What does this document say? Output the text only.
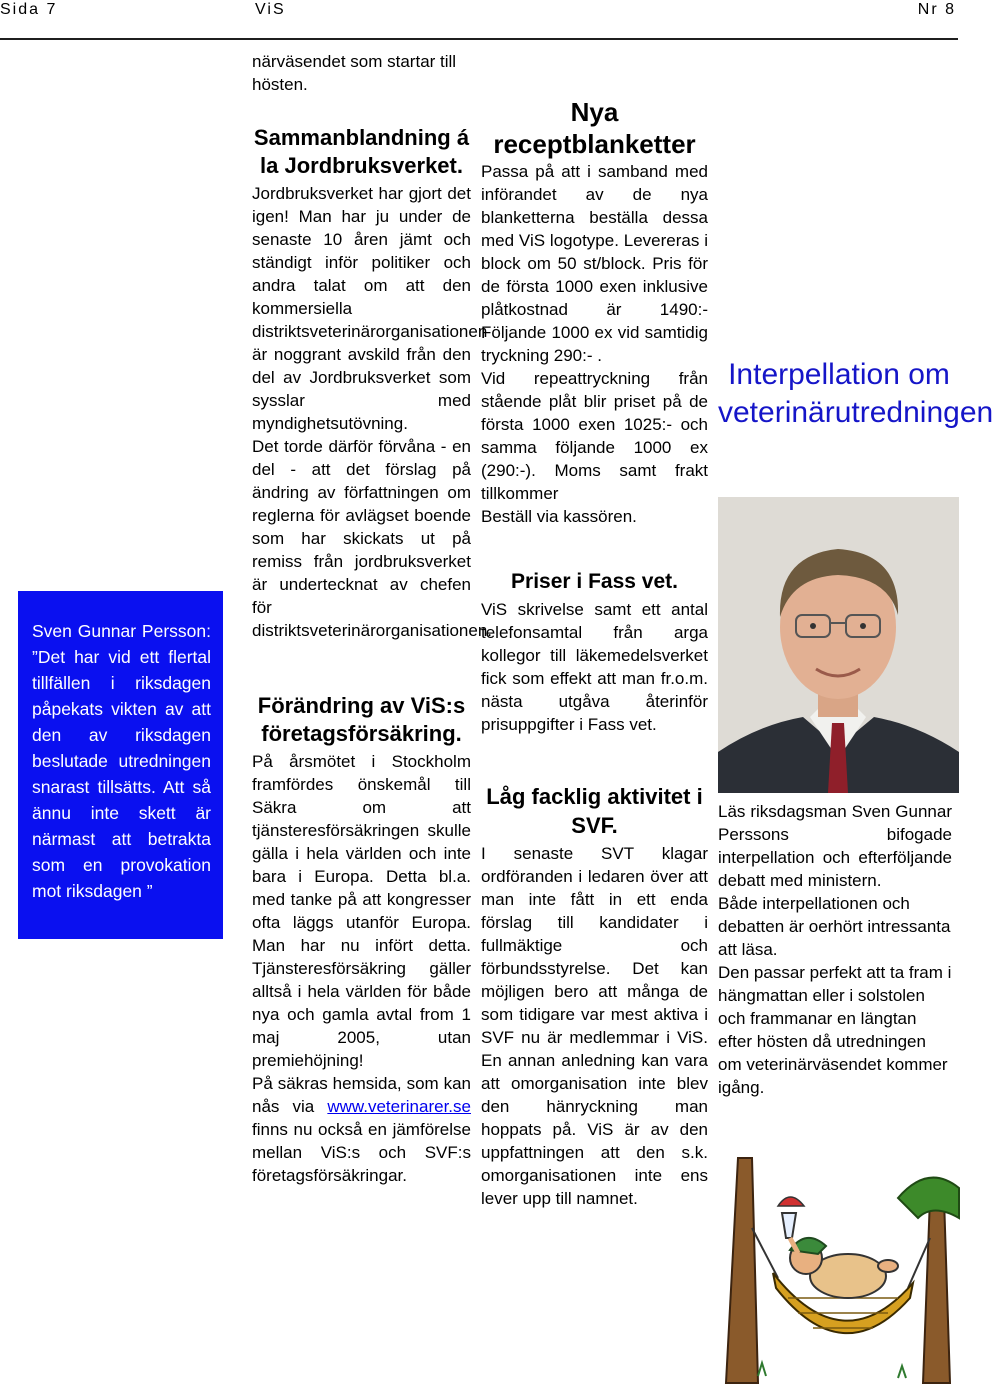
Sida 7	ViS	Nr 8

Sven Gunnar Persson: ”Det har vid ett flertal tillfällen i riksdagen påpekats vikten av att den av riksdagen beslutade utredningen snarast tillsätts. Att så ännu inte skett är närmast att betrakta som en provokation mot riksdagen ”

närväsendet som startar till hösten.
Sammanblandning á la Jordbruksverket.
Jordbruksverket har gjort det igen! Man har ju under de senaste 10 åren jämt och ständigt inför politiker och andra talat om att den kommersiella distriktsveterinärorganisationen är noggrant avskild från den del av Jordbruksverket som sysslar med myndighetsutövning.
Det torde därför förvåna - en del - att det förslag på ändring av författningen om reglerna för avlägset boende som har skickats ut på remiss från jordbruksverket är undertecknat av chefen för distriktsveterinärorganisationen.
Förändring av ViS:s företagsförsäkring.
På årsmötet i Stockholm framfördes önskemål till Säkra om att tjänsteresförsäkringen skulle gälla i hela världen och inte bara i Europa. Detta bl.a. med tanke på att kongresser ofta läggs utanför Europa. Man har nu infört detta. Tjänsteresförsäkring gäller alltså i hela världen för både nya och gamla avtal from 1 maj 2005, utan premiehöjning!
På säkras hemsida, som kan nås via www.veterinarer.se finns nu också en jämförelse mellan ViS:s och SVF:s företagsförsäkringar.
Nya receptblanketter
Passa på att i samband med införandet av de nya blanketterna beställa dessa med ViS logotype. Levereras i block om 50 st/block. Pris för de första 1000 exen inklusive plåtkostnad är 1490:- Följande 1000 ex vid samtidig tryckning 290:- .
Vid repeattryckning från stående plåt blir priset på de första 1000 exen 1025:- och samma följande 1000 ex (290:-). Moms samt frakt tillkommer
Beställ via kassören.
Priser i Fass vet.
ViS skrivelse samt ett antal telefonsamtal från arga kollegor till läkemedelsverket fick som effekt att man fr.o.m. nästa utgåva återinför prisuppgifter i Fass vet.
Låg facklig aktivitet i SVF.
I senaste SVT klagar ordföranden i ledaren över att man inte fått in ett enda förslag till kandidater i fullmäktige och förbundsstyrelse. Det kan möjligen bero att många de som tidigare var mest aktiva i SVF nu är medlemmar i ViS. En annan anledning kan vara att omorganisation inte blev den hänryckning man hoppats på. ViS är av den uppfattningen att den s.k. omorganisationen inte ens lever upp till namnet.
Interpellation om veterinärutredningen
Läs riksdagsman Sven Gunnar Perssons bifogade interpellation och efterföljande debatt med ministern.
Både interpellationen och debatten är oerhört intressanta att läsa.
Den passar perfekt att ta fram i hängmattan eller i solstolen och frammanar en längtan efter hösten då utredningen om veterinärväsendet kommer igång.
